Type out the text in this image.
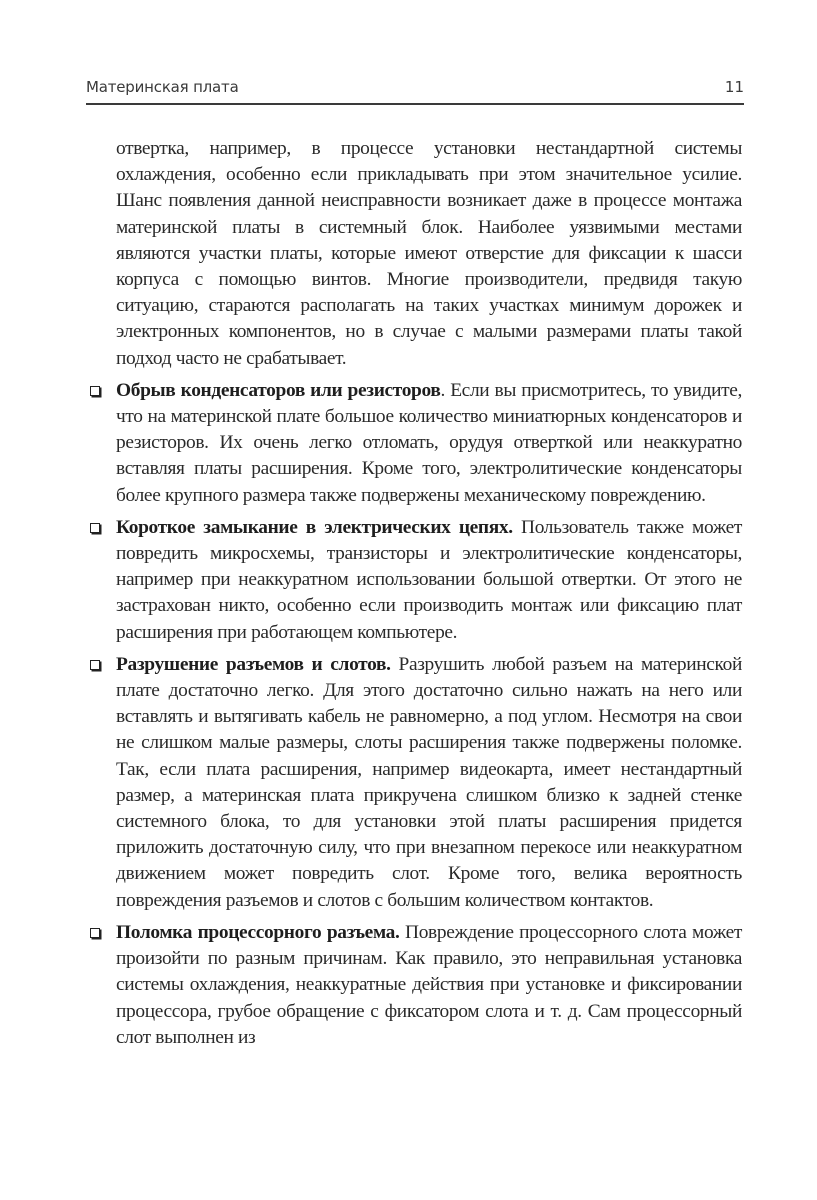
Материнская плата	11

отвертка, например, в процессе установки нестандартной системы охлаждения, особенно если прикладывать при этом значительное усилие. Шанс появления данной неисправности возникает даже в процессе монтажа материнской платы в системный блок. Наиболее уязвимыми местами являются участки платы, которые имеют отверстие для фиксации к шасси корпуса с помощью винтов. Многие производители, предвидя такую ситуацию, стараются располагать на таких участках минимум дорожек и электронных компонентов, но в случае с малыми размерами платы такой подход часто не срабатывает.

Обрыв конденсаторов или резисторов. Если вы присмотритесь, то увидите, что на материнской плате большое количество миниатюрных конденсаторов и резисторов. Их очень легко отломать, орудуя отверткой или неаккуратно вставляя платы расширения. Кроме того, электролитические конденсаторы более крупного размера также подвержены механическому повреждению.

Короткое замыкание в электрических цепях. Пользователь также может повредить микросхемы, транзисторы и электролитические конденсаторы, например при неаккуратном использовании большой отвертки. От этого не застрахован никто, особенно если производить монтаж или фиксацию плат расширения при работающем компьютере.

Разрушение разъемов и слотов. Разрушить любой разъем на материнской плате достаточно легко. Для этого достаточно сильно нажать на него или вставлять и вытягивать кабель не равномерно, а под углом. Несмотря на свои не слишком малые размеры, слоты расширения также подвержены поломке. Так, если плата расширения, например видеокарта, имеет нестандартный размер, а материнская плата прикручена слишком близко к задней стенке системного блока, то для установки этой платы расширения придется приложить достаточную силу, что при внезапном перекосе или неаккуратном движением может повредить слот. Кроме того, велика вероятность повреждения разъемов и слотов с большим количеством контактов.

Поломка процессорного разъема. Повреждение процессорного слота может произойти по разным причинам. Как правило, это неправильная установка системы охлаждения, неаккуратные действия при установке и фиксировании процессора, грубое обращение с фиксатором слота и т. д. Сам процессорный слот выполнен из
